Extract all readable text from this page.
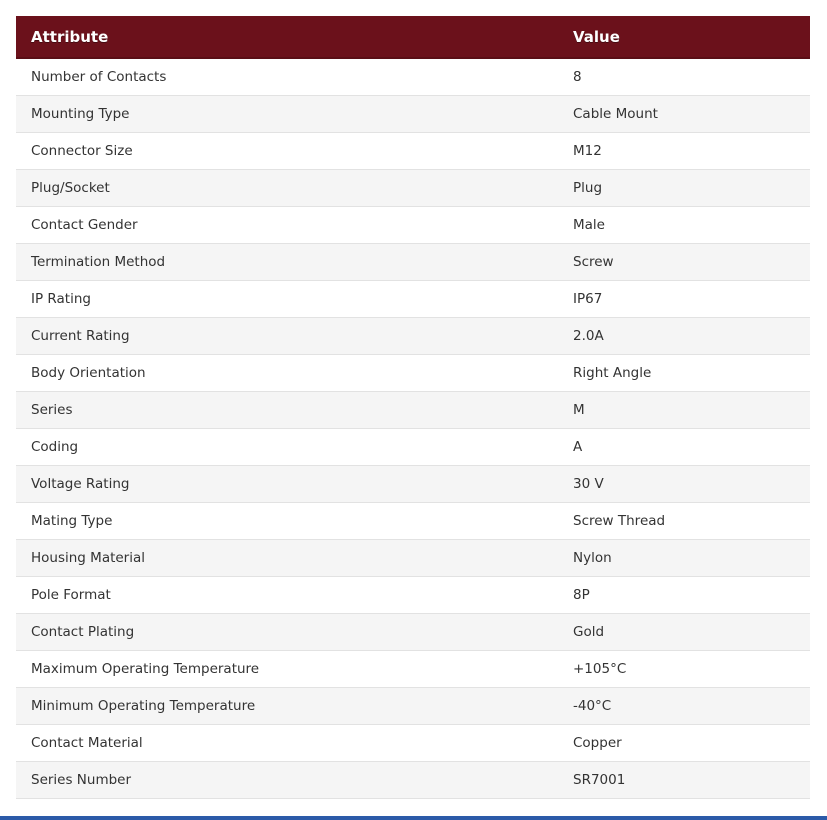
Attribute	Value
Number of Contacts	8
Mounting Type	Cable Mount
Connector Size	M12
Plug/Socket	Plug
Contact Gender	Male
Termination Method	Screw
IP Rating	IP67
Current Rating	2.0A
Body Orientation	Right Angle
Series	M
Coding	A
Voltage Rating	30 V
Mating Type	Screw Thread
Housing Material	Nylon
Pole Format	8P
Contact Plating	Gold
Maximum Operating Temperature	+105°C
Minimum Operating Temperature	-40°C
Contact Material	Copper
Series Number	SR7001
